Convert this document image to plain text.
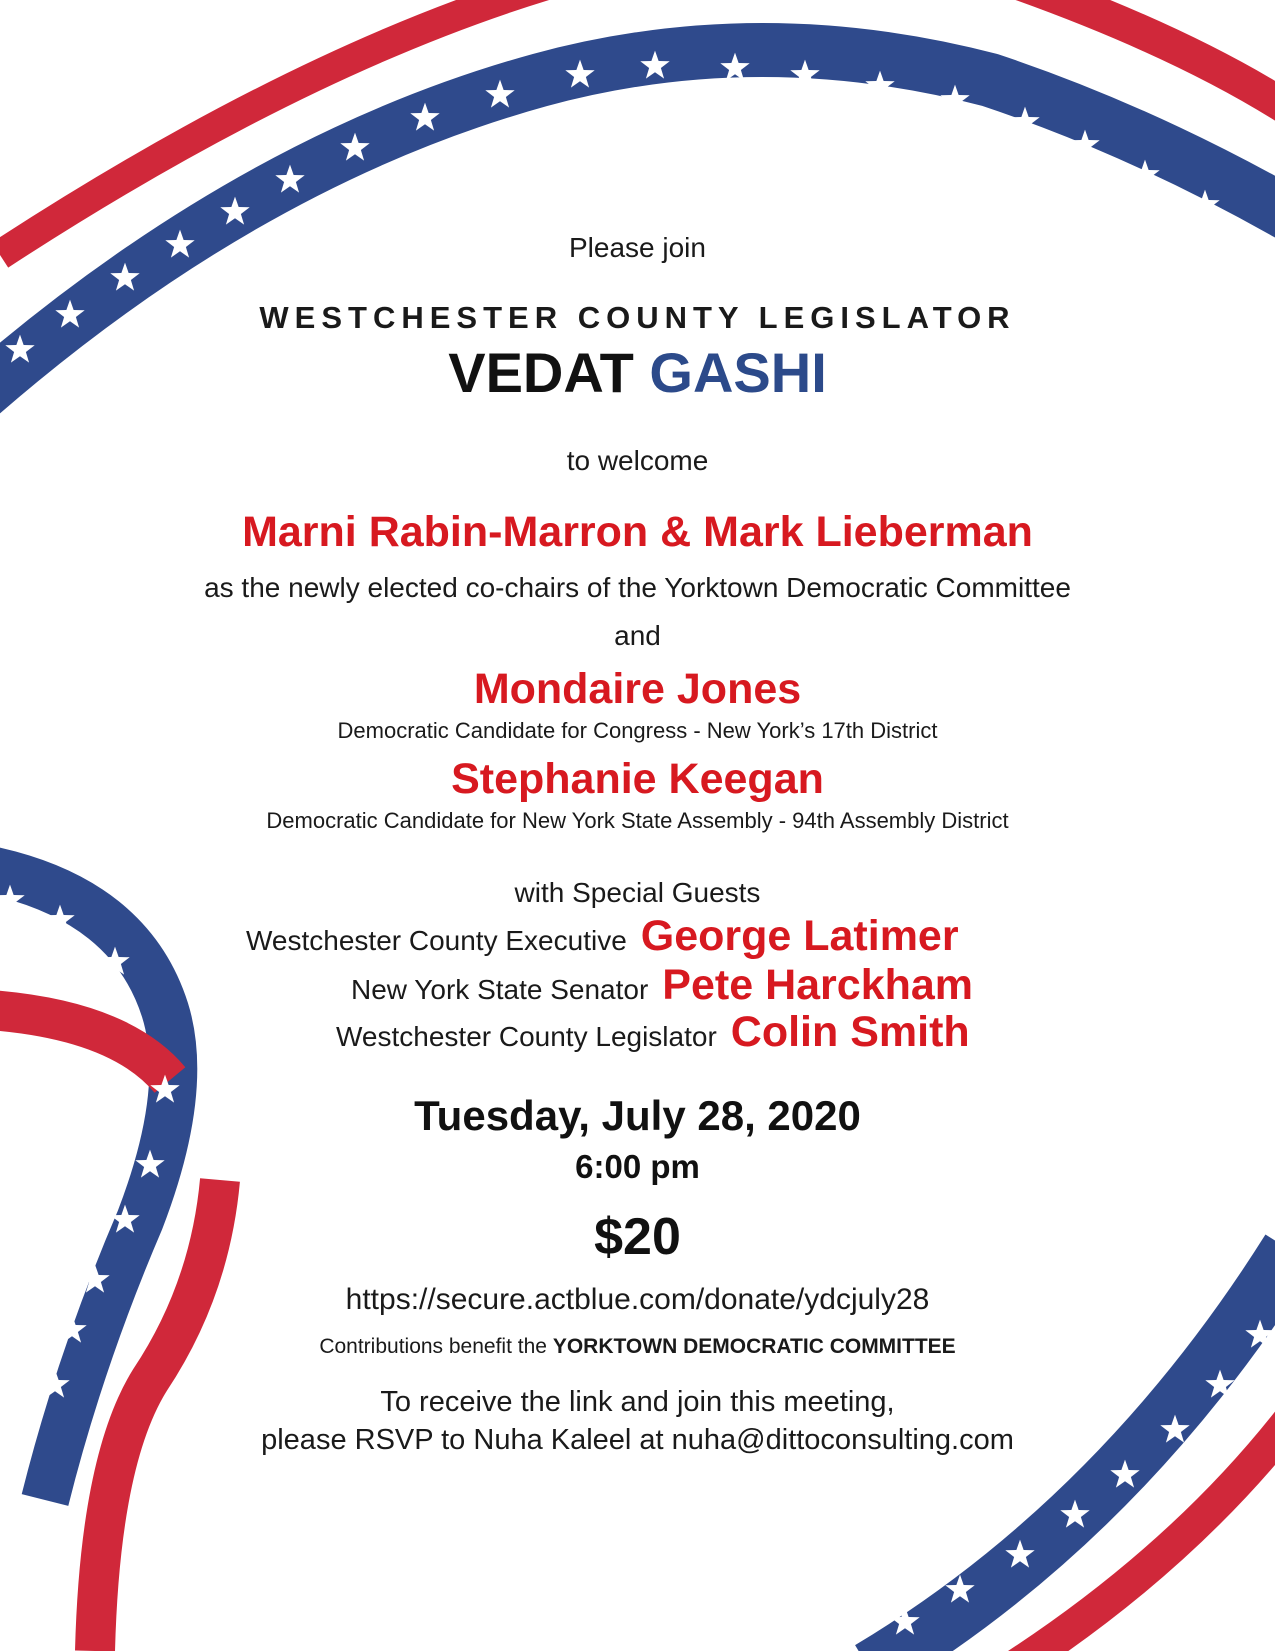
Please join
WESTCHESTER COUNTY LEGISLATOR
VEDAT GASHI
to welcome
Marni Rabin-Marron & Mark Lieberman
as the newly elected co-chairs of the Yorktown Democratic Committee
and
Mondaire Jones
Democratic Candidate for Congress - New York’s 17th District
Stephanie Keegan
Democratic Candidate for New York State Assembly - 94th Assembly District
with Special Guests
Westchester County Executive George Latimer
New York State Senator Pete Harckham
Westchester County Legislator Colin Smith
Tuesday, July 28, 2020
6:00 pm
$20
https://secure.actblue.com/donate/ydcjuly28
Contributions benefit the YORKTOWN DEMOCRATIC COMMITTEE
To receive the link and join this meeting,
please RSVP to Nuha Kaleel at nuha@dittoconsulting.com
